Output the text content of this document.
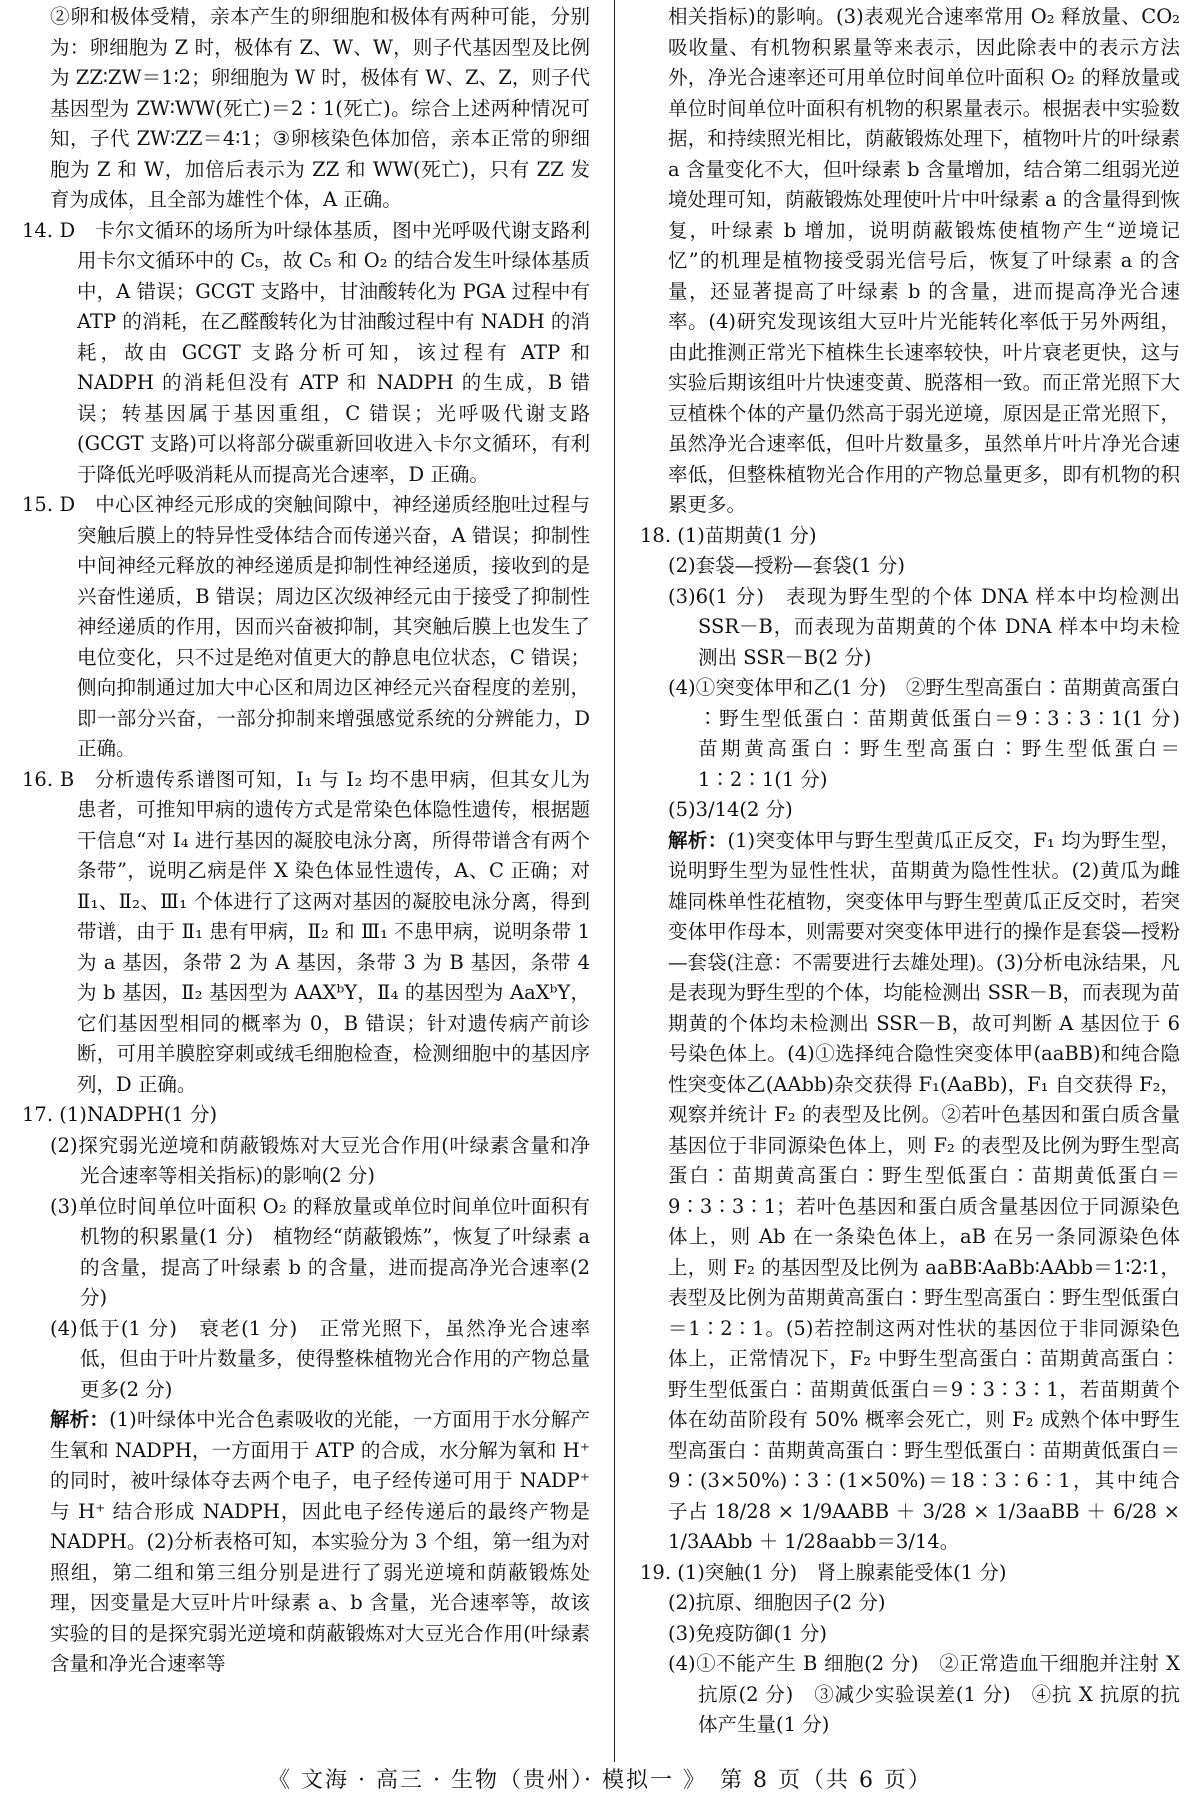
②卵和极体受精，亲本产生的卵细胞和极体有两种可能，分别为：卵细胞为 Z 时，极体有 Z、W、W，则子代基因型及比例为 ZZ∶ZW＝1∶2；卵细胞为 W 时，极体有 W、Z、Z，则子代基因型为 ZW∶WW(死亡)＝2∶1(死亡)。综合上述两种情况可知，子代 ZW∶ZZ＝4∶1；③卵核染色体加倍，亲本正常的卵细胞为 Z 和 W，加倍后表示为 ZZ 和 WW(死亡)，只有 ZZ 发育为成体，且全部为雄性个体，A 正确。

14. D　卡尔文循环的场所为叶绿体基质，图中光呼吸代谢支路利用卡尔文循环中的 C₅，故 C₅ 和 O₂ 的结合发生叶绿体基质中，A 错误；GCGT 支路中，甘油酸转化为 PGA 过程中有 ATP 的消耗，在乙醛酸转化为甘油酸过程中有 NADH 的消耗，故由 GCGT 支路分析可知，该过程有 ATP 和 NADPH 的消耗但没有 ATP 和 NADPH 的生成，B 错误；转基因属于基因重组，C 错误；光呼吸代谢支路(GCGT 支路)可以将部分碳重新回收进入卡尔文循环，有利于降低光呼吸消耗从而提高光合速率，D 正确。

15. D　中心区神经元形成的突触间隙中，神经递质经胞吐过程与突触后膜上的特异性受体结合而传递兴奋，A 错误；抑制性中间神经元释放的神经递质是抑制性神经递质，接收到的是兴奋性递质，B 错误；周边区次级神经元由于接受了抑制性神经递质的作用，因而兴奋被抑制，其突触后膜上也发生了电位变化，只不过是绝对值更大的静息电位状态，C 错误；侧向抑制通过加大中心区和周边区神经元兴奋程度的差别，即一部分兴奋，一部分抑制来增强感觉系统的分辨能力，D 正确。

16. B　分析遗传系谱图可知，Ⅰ₁ 与 Ⅰ₂ 均不患甲病，但其女儿为患者，可推知甲病的遗传方式是常染色体隐性遗传，根据题干信息“对 Ⅰ₄ 进行基因的凝胶电泳分离，所得带谱含有两个条带”，说明乙病是伴 X 染色体显性遗传，A、C 正确；对 Ⅱ₁、Ⅱ₂、Ⅲ₁ 个体进行了这两对基因的凝胶电泳分离，得到带谱，由于 Ⅱ₁ 患有甲病，Ⅱ₂ 和 Ⅲ₁ 不患甲病，说明条带 1 为 a 基因，条带 2 为 A 基因，条带 3 为 B 基因，条带 4 为 b 基因，Ⅱ₂ 基因型为 AAXᵇY，Ⅱ₄ 的基因型为 AaXᵇY，它们基因型相同的概率为 0，B 错误；针对遗传病产前诊断，可用羊膜腔穿刺或绒毛细胞检查，检测细胞中的基因序列，D 正确。

17. (1)NADPH(1 分)

(2)探究弱光逆境和荫蔽锻炼对大豆光合作用(叶绿素含量和净光合速率等相关指标)的影响(2 分)

(3)单位时间单位叶面积 O₂ 的释放量或单位时间单位叶面积有机物的积累量(1 分)　植物经“荫蔽锻炼”，恢复了叶绿素 a 的含量，提高了叶绿素 b 的含量，进而提高净光合速率(2 分)

(4)低于(1 分)　衰老(1 分)　正常光照下，虽然净光合速率低，但由于叶片数量多，使得整株植物光合作用的产物总量更多(2 分)

解析：(1)叶绿体中光合色素吸收的光能，一方面用于水分解产生氧和 NADPH，一方面用于 ATP 的合成，水分解为氧和 H⁺ 的同时，被叶绿体夺去两个电子，电子经传递可用于 NADP⁺ 与 H⁺ 结合形成 NADPH，因此电子经传递后的最终产物是 NADPH。(2)分析表格可知，本实验分为 3 个组，第一组为对照组，第二组和第三组分别是进行了弱光逆境和荫蔽锻炼处理，因变量是大豆叶片叶绿素 a、b 含量，光合速率等，故该实验的目的是探究弱光逆境和荫蔽锻炼对大豆光合作用(叶绿素含量和净光合速率等

相关指标)的影响。(3)表观光合速率常用 O₂ 释放量、CO₂ 吸收量、有机物积累量等来表示，因此除表中的表示方法外，净光合速率还可用单位时间单位叶面积 O₂ 的释放量或单位时间单位叶面积有机物的积累量表示。根据表中实验数据，和持续照光相比，荫蔽锻炼处理下，植物叶片的叶绿素 a 含量变化不大，但叶绿素 b 含量增加，结合第二组弱光逆境处理可知，荫蔽锻炼处理使叶片中叶绿素 a 的含量得到恢复，叶绿素 b 增加，说明荫蔽锻炼使植物产生“逆境记忆”的机理是植物接受弱光信号后，恢复了叶绿素 a 的含量，还显著提高了叶绿素 b 的含量，进而提高净光合速率。(4)研究发现该组大豆叶片光能转化率低于另外两组，由此推测正常光下植株生长速率较快，叶片衰老更快，这与实验后期该组叶片快速变黄、脱落相一致。而正常光照下大豆植株个体的产量仍然高于弱光逆境，原因是正常光照下，虽然净光合速率低，但叶片数量多，虽然单片叶片净光合速率低，但整株植物光合作用的产物总量更多，即有机物的积累更多。

18. (1)苗期黄(1 分)

(2)套袋—授粉—套袋(1 分)

(3)6(1 分)　表现为野生型的个体 DNA 样本中均检测出 SSR－B，而表现为苗期黄的个体 DNA 样本中均未检测出 SSR－B(2 分)

(4)①突变体甲和乙(1 分)　②野生型高蛋白∶苗期黄高蛋白∶野生型低蛋白∶苗期黄低蛋白＝9∶3∶3∶1(1 分)　苗期黄高蛋白∶野生型高蛋白∶野生型低蛋白＝1∶2∶1(1 分)

(5)3/14(2 分)

解析：(1)突变体甲与野生型黄瓜正反交，F₁ 均为野生型，说明野生型为显性性状，苗期黄为隐性性状。(2)黄瓜为雌雄同株单性花植物，突变体甲与野生型黄瓜正反交时，若突变体甲作母本，则需要对突变体甲进行的操作是套袋—授粉—套袋(注意：不需要进行去雄处理)。(3)分析电泳结果，凡是表现为野生型的个体，均能检测出 SSR－B，而表现为苗期黄的个体均未检测出 SSR－B，故可判断 A 基因位于 6 号染色体上。(4)①选择纯合隐性突变体甲(aaBB)和纯合隐性突变体乙(AAbb)杂交获得 F₁(AaBb)，F₁ 自交获得 F₂，观察并统计 F₂ 的表型及比例。②若叶色基因和蛋白质含量基因位于非同源染色体上，则 F₂ 的表型及比例为野生型高蛋白∶苗期黄高蛋白∶野生型低蛋白∶苗期黄低蛋白＝9∶3∶3∶1；若叶色基因和蛋白质含量基因位于同源染色体上，则 Ab 在一条染色体上，aB 在另一条同源染色体上，则 F₂ 的基因型及比例为 aaBB∶AaBb∶AAbb＝1∶2∶1，表型及比例为苗期黄高蛋白∶野生型高蛋白∶野生型低蛋白＝1∶2∶1。(5)若控制这两对性状的基因位于非同源染色体上，正常情况下，F₂ 中野生型高蛋白∶苗期黄高蛋白∶野生型低蛋白∶苗期黄低蛋白＝9∶3∶3∶1，若苗期黄个体在幼苗阶段有 50% 概率会死亡，则 F₂ 成熟个体中野生型高蛋白∶苗期黄高蛋白∶野生型低蛋白∶苗期黄低蛋白＝9∶(3×50%)∶3∶(1×50%)＝18∶3∶6∶1，其中纯合子占 18/28 × 1/9AABB ＋ 3/28 × 1/3aaBB ＋ 6/28 × 1/3AAbb ＋ 1/28aabb＝3/14。

19. (1)突触(1 分)　肾上腺素能受体(1 分)

(2)抗原、细胞因子(2 分)

(3)免疫防御(1 分)

(4)①不能产生 B 细胞(2 分)　②正常造血干细胞并注射 X 抗原(2 分)　③减少实验误差(1 分)　④抗 X 抗原的抗体产生量(1 分)

《 文海 · 高三 · 生物（贵州）· 模拟一 》　第 8 页（共 6 页）
